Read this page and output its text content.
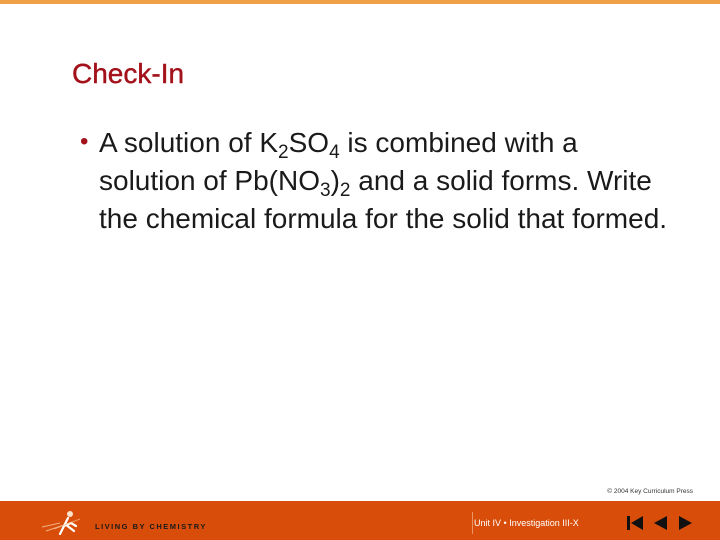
Check-In
• A solution of $K_2SO_4$ is combined with a solution of $Pb(NO_3)_2$ and a solid forms. Write the chemical formula for the solid that formed.

© 2004 Key Curriculum Press
LIVING BY CHEMISTRY	Unit IV • Investigation III-X
